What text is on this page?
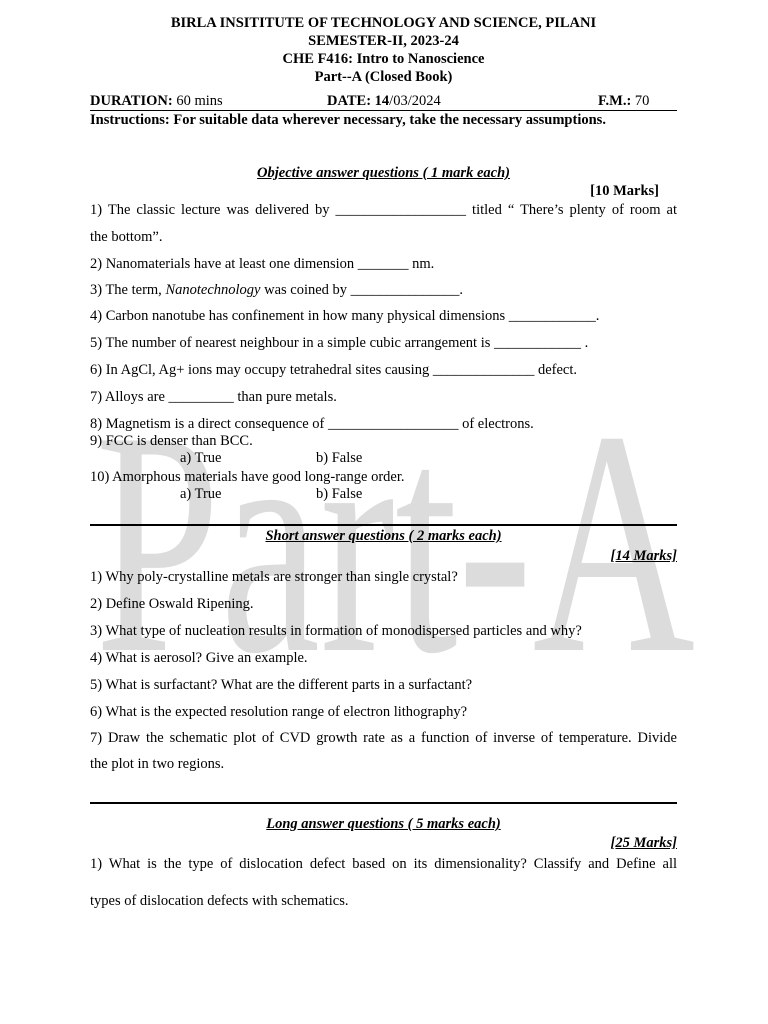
Part-A
BIRLA INSITITUTE OF TECHNOLOGY AND SCIENCE, PILANI
SEMESTER-II, 2023-24
CHE F416: Intro to Nanoscience
Part--A (Closed Book)
DURATION: 60 mins	DATE: 14/03/2024	F.M.: 70
Instructions: For suitable data wherever necessary, take the necessary assumptions.
Objective answer questions ( 1 mark each)
[10 Marks]
1) The classic lecture was delivered by __________________ titled “ There’s plenty of room at
the bottom”.
2) Nanomaterials have at least one dimension _______ nm.
3) The term, Nanotechnology was coined by _______________.
4) Carbon nanotube has confinement in how many physical dimensions ____________.
5) The number of nearest neighbour in a simple cubic arrangement is ____________ .
6) In AgCl, Ag+ ions may occupy tetrahedral sites causing ______________ defect.
7) Alloys are _________ than pure metals.
8) Magnetism is a direct consequence of __________________ of electrons.
9) FCC is denser than BCC.
a) True	b) False
10) Amorphous materials have good long-range order.
a) True	b) False
Short answer questions ( 2 marks each)
[14 Marks]
1) Why poly-crystalline metals are stronger than single crystal?
2) Define Oswald Ripening.
3) What type of nucleation results in formation of monodispersed particles and why?
4) What is aerosol? Give an example.
5) What is surfactant? What are the different parts in a surfactant?
6) What is the expected resolution range of electron lithography?
7) Draw the schematic plot of CVD growth rate as a function of inverse of temperature. Divide
the plot in two regions.
Long answer questions ( 5 marks each)
[25 Marks]
1) What is the type of dislocation defect based on its dimensionality? Classify and Define all
types of dislocation defects with schematics.
